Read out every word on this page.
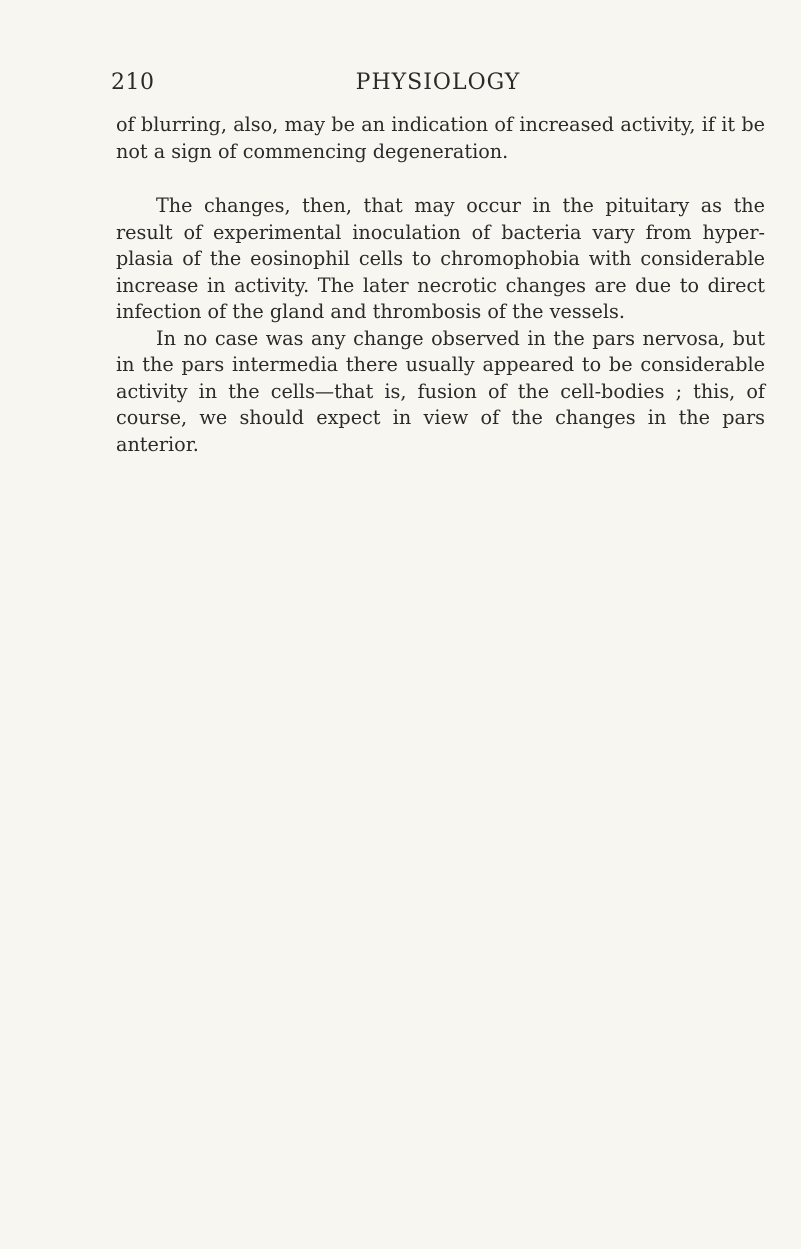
210	PHYSIOLOGY

of blurring, also, may be an indication of increased activity, if it be not a sign of commencing degeneration.

The changes, then, that may occur in the pituitary as the result of experimental inoculation of bacteria vary from hyperplasia of the eosinophil cells to chromophobia with considerable increase in activity. The later necrotic changes are due to direct infection of the gland and thrombosis of the vessels.

In no case was any change observed in the pars nervosa, but in the pars intermedia there usually appeared to be considerable activity in the cells—that is, fusion of the cell-bodies ; this, of course, we should expect in view of the changes in the pars anterior.
